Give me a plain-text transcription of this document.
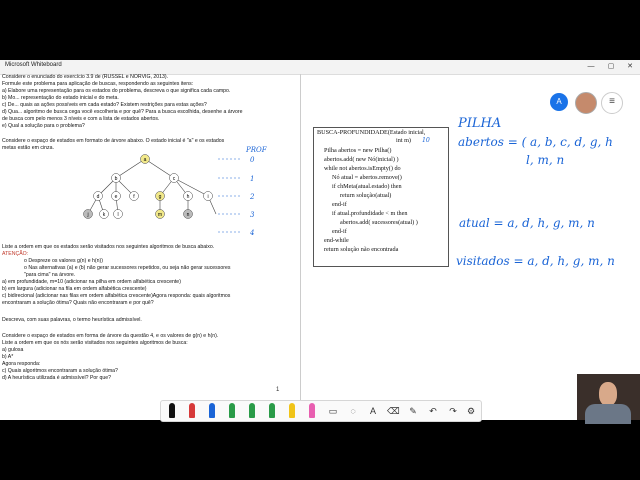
Microsoft Whiteboard	—	▢	✕
Considere o enunciado do exercício 3.9 de (RUSSEL e NORVIG, 2013).
Formule este problema para aplicação de buscas, respondendo as seguintes itens:
a) Elabore uma representação para os estados do problema, descreva o que significa cada campo.
b) Mo... representação do estado inicial e do meta.
c) De... quais as ações possíveis em cada estado? Existem restrições para estas ações?
d) Qua... algoritmo de busca cega você escolheria e por quê? Para a busca escolhida, desenhe a árvore
de busca com pelo menos 3 níveis e com a lista de estados abertos.
e) Qual a solução para o problema?
Considere o espaço de estados em formato de árvore abaixo. O estado inicial é "a" e os estados
metas estão em cinza.
a
b	c
d	e	f	g	h	i
j	k l	m	n
PROF
0
1
2
3
4
Liste a ordem em que os estados serão visitados nos seguintes algoritmos de busca abaixo.
ATENÇÃO:
o Despreze os valores g(n) e h(n))
o Nas alternativas (a) e (b) não gerar sucessores repetidos, ou seja não gerar sucessores
"para cima" na árvore.
a) em profundidade, m=10 (adicionar na pilha em ordem alfabética crescente)
b) em largura (adicionar na fila em ordem alfabética crescente)
c) bidirecional (adicionar nas filas em ordem alfabética crescente)Agora responda: quais algoritmos
encontraram a solução ótima? Quais não encontraram e por quê?
Descreva, com suas palavras, o termo heurística admissível.
Considere o espaço de estados em forma de árvore da questão 4, e os valores de g(n) e h(n).
Liste a ordem em que os nós serão visitados nos seguintes algoritmos de busca:
a) gulosa
b) A*
Agora responda:
c) Quais algoritmos encontraram a solução ótima?
d) A heurística utilizada é admissível? Por que?
BUSCA-PROFUNDIDADE(Estado inicial,
int m) 10
Pilha abertos = new Pilha()
abertos.add( new Nó(inicial) )
while not abertos.isEmpty() do
Nó atual = abertos.remove()
if chMeta(atual.estado) then
return solução(atual)
end-if
if atual.profundidade < m then
abertos.add( sucessores(atual) )
end-if
end-while
return solução não encontrada
PILHA
abertos = ( a, b, c, d, g, h
l, m, n
atual = a, d, h, g, m, n
visitados = a, d, h, g, m, n
A	≡
1
▭	◌	A	⌫ ✎ ↶ ↷ ⚙
